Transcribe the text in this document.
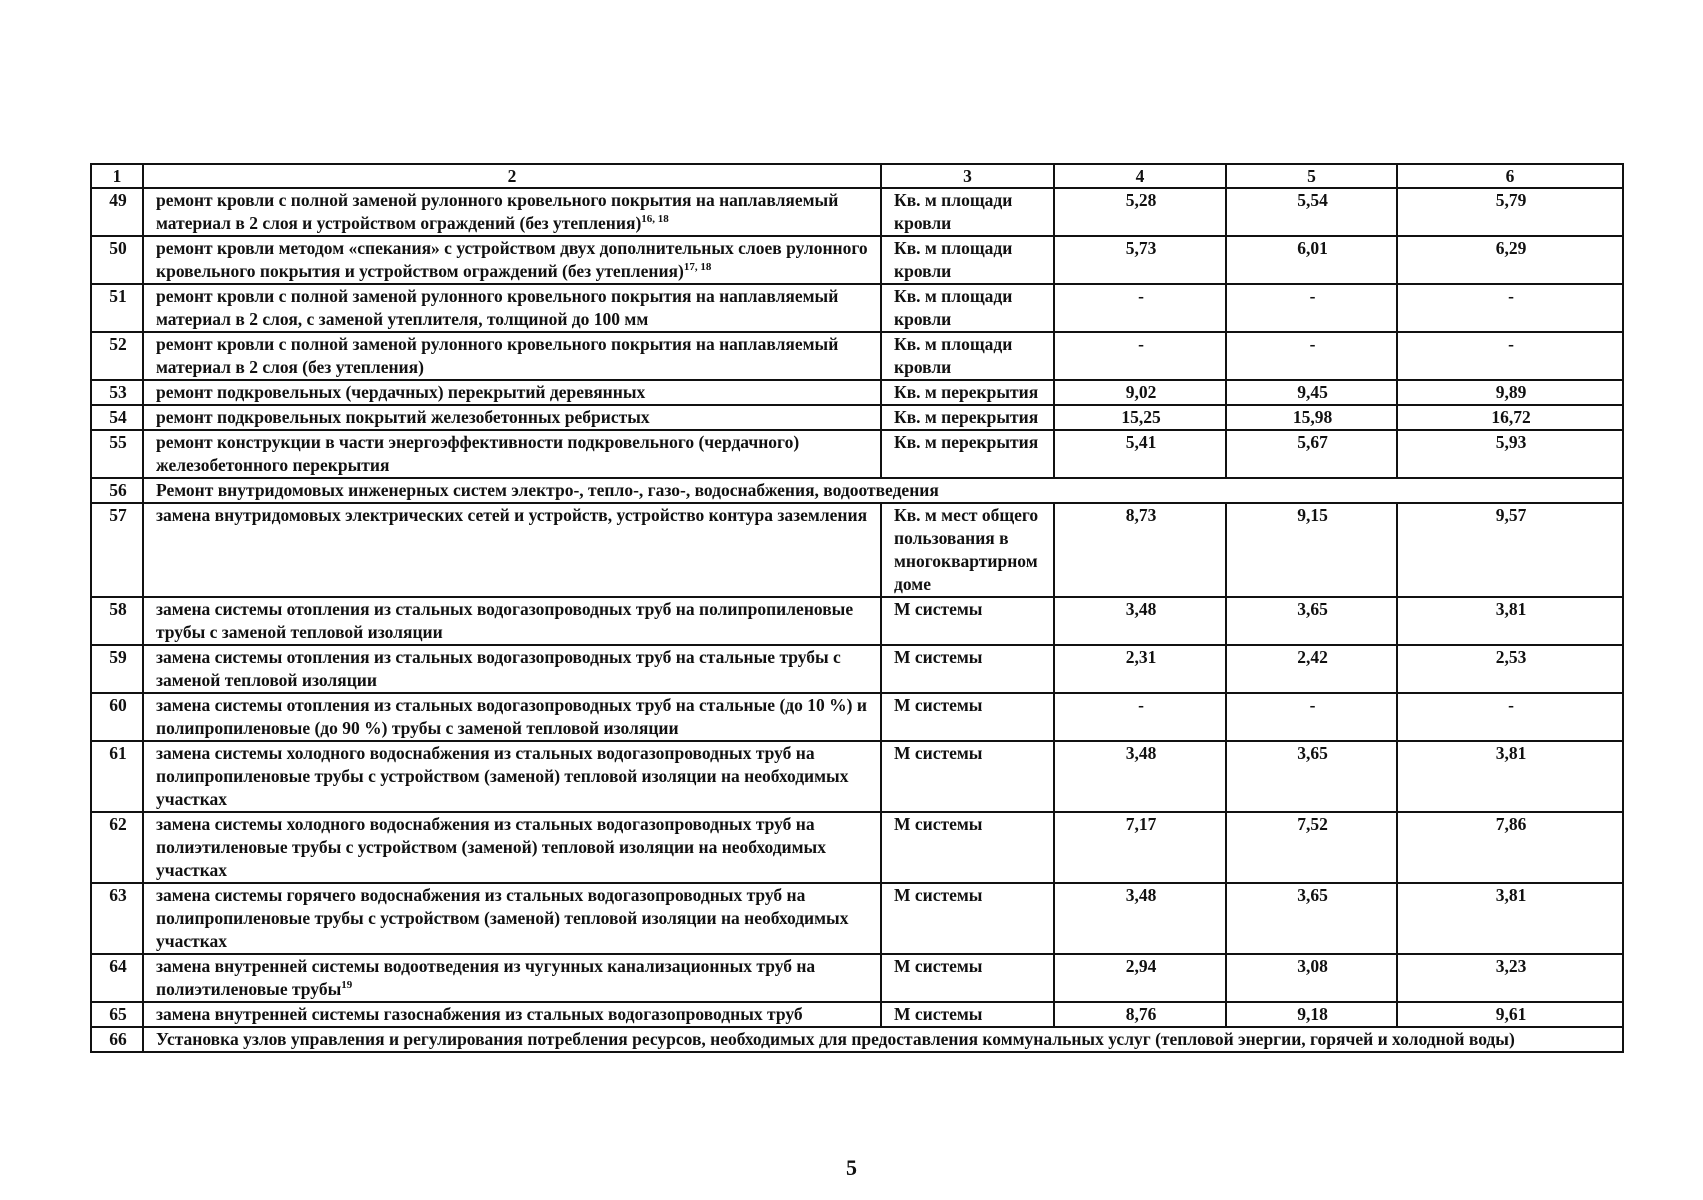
1	2	3	4	5	6
49	ремонт кровли с полной заменой рулонного кровельного покрытия на наплавляемый материал в 2 слоя и устройством ограждений (без утепления)$^{16, 18}$	Кв. м площади кровли	5,28	5,54	5,79
50	ремонт кровли методом «спекания» с устройством двух дополнительных слоев рулонного кровельного покрытия и устройством ограждений (без утепления)$^{17, 18}$	Кв. м площади кровли	5,73	6,01	6,29
51	ремонт кровли с полной заменой рулонного кровельного покрытия на наплавляемый материал в 2 слоя, с заменой утеплителя, толщиной до 100 мм	Кв. м площади кровли	-	-	-
52	ремонт кровли с полной заменой рулонного кровельного покрытия на наплавляемый материал в 2 слоя (без утепления)	Кв. м площади кровли	-	-	-
53	ремонт подкровельных (чердачных) перекрытий деревянных	Кв. м перекрытия	9,02	9,45	9,89
54	ремонт подкровельных покрытий железобетонных ребристых	Кв. м перекрытия	15,25	15,98	16,72
55	ремонт конструкции в части энергоэффективности подкровельного (чердачного) железобетонного перекрытия	Кв. м перекрытия	5,41	5,67	5,93
56	Ремонт внутридомовых инженерных систем электро-, тепло-, газо-, водоснабжения, водоотведения				
57	замена внутридомовых электрических сетей и устройств, устройство контура заземления	Кв. м мест общего пользования в многоквартирном доме	8,73	9,15	9,57
58	замена системы отопления из стальных водогазопроводных труб на полипропиленовые трубы с заменой тепловой изоляции	М системы	3,48	3,65	3,81
59	замена системы отопления из стальных водогазопроводных труб на стальные трубы с заменой тепловой изоляции	М системы	2,31	2,42	2,53
60	замена системы отопления из стальных водогазопроводных труб на стальные (до 10 %) и полипропиленовые (до 90 %) трубы с заменой тепловой изоляции	М системы	-	-	-
61	замена системы холодного водоснабжения из стальных водогазопроводных труб на полипропиленовые трубы с устройством (заменой) тепловой изоляции на необходимых участках	М системы	3,48	3,65	3,81
62	замена системы холодного водоснабжения из стальных водогазопроводных труб на полиэтиленовые трубы с устройством (заменой) тепловой изоляции на необходимых участках	М системы	7,17	7,52	7,86
63	замена системы горячего водоснабжения из стальных водогазопроводных труб на полипропиленовые трубы с устройством (заменой) тепловой изоляции на необходимых участках	М системы	3,48	3,65	3,81
64	замена внутренней системы водоотведения из чугунных канализационных труб на полиэтиленовые трубы$^{19}$	М системы	2,94	3,08	3,23
65	замена внутренней системы газоснабжения из стальных водогазопроводных труб	М системы	8,76	9,18	9,61
66	Установка узлов управления и регулирования потребления ресурсов, необходимых для предоставления коммунальных услуг (тепловой энергии, горячей и холодной воды)				
5
